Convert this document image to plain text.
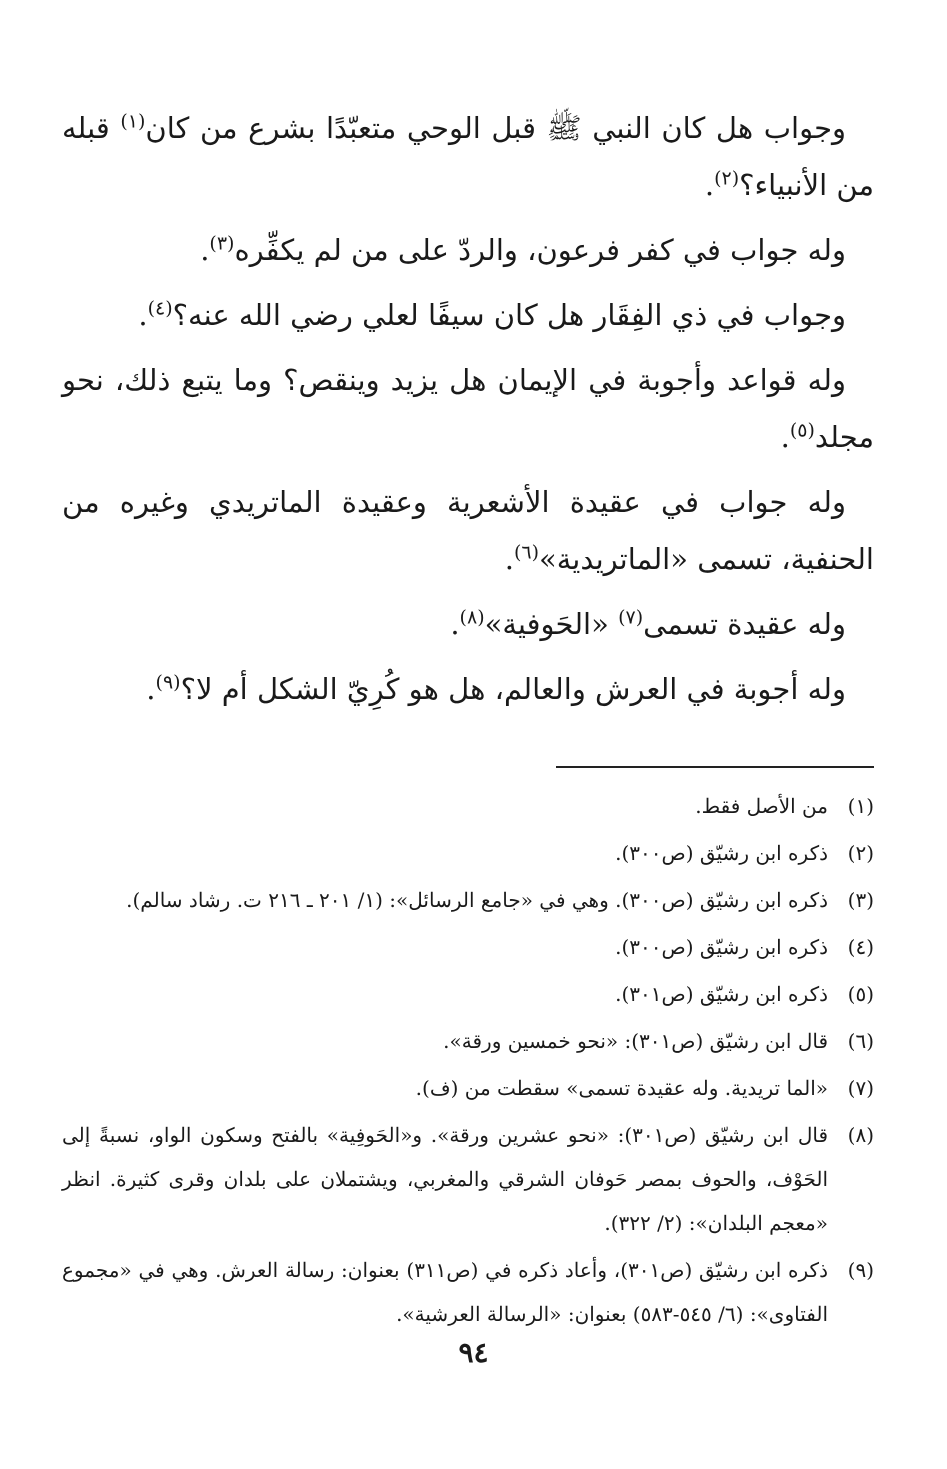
وجواب هل كان النبي ﷺ قبل الوحي متعبّدًا بشرع من كان$^{(١)}$ قبله من الأنبياء؟$^{(٢)}$.

وله جواب في كفر فرعون، والردّ على من لم يكفِّره$^{(٣)}$.

وجواب في ذي الفِقَار هل كان سيفًا لعلي رضي الله عنه؟$^{(٤)}$.

وله قواعد وأجوبة في الإيمان هل يزيد وينقص؟ وما يتبع ذلك، نحو مجلد$^{(٥)}$.

وله جواب في عقيدة الأشعرية وعقيدة الماتريدي وغيره من الحنفية، تسمى «الماتريدية»$^{(٦)}$.

وله عقيدة تسمى$^{(٧)}$ «الحَوفية»$^{(٨)}$.

وله أجوبة في العرش والعالم، هل هو كُرِيّ الشكل أم لا؟$^{(٩)}$.

(١)
من الأصل فقط.
(٢)
ذكره ابن رشيّق (ص٣٠٠).
(٣)
ذكره ابن رشيّق (ص٣٠٠). وهي في «جامع الرسائل»: (١/ ٢٠١ ـ ٢١٦ ت. رشاد سالم).
(٤)
ذكره ابن رشيّق (ص٣٠٠).
(٥)
ذكره ابن رشيّق (ص٣٠١).
(٦)
قال ابن رشيّق (ص٣٠١): «نحو خمسين ورقة».
(٧)
«الما تريدية. وله عقيدة تسمى» سقطت من (ف).
(٨)
قال ابن رشيّق (ص٣٠١): «نحو عشرين ورقة». و«الحَوفِية» بالفتح وسكون الواو، نسبةً إلى الحَوْف، والحوف بمصر حَوفان الشرقي والمغربي، ويشتملان على بلدان وقرى كثيرة. انظر «معجم البلدان»: (٢/ ٣٢٢).
(٩)
ذكره ابن رشيّق (ص٣٠١)، وأعاد ذكره في (ص٣١١) بعنوان: رسالة العرش. وهي في «مجموع الفتاوى»: (٦/ ٥٤٥-٥٨٣) بعنوان: «الرسالة العرشية».
٩٤
